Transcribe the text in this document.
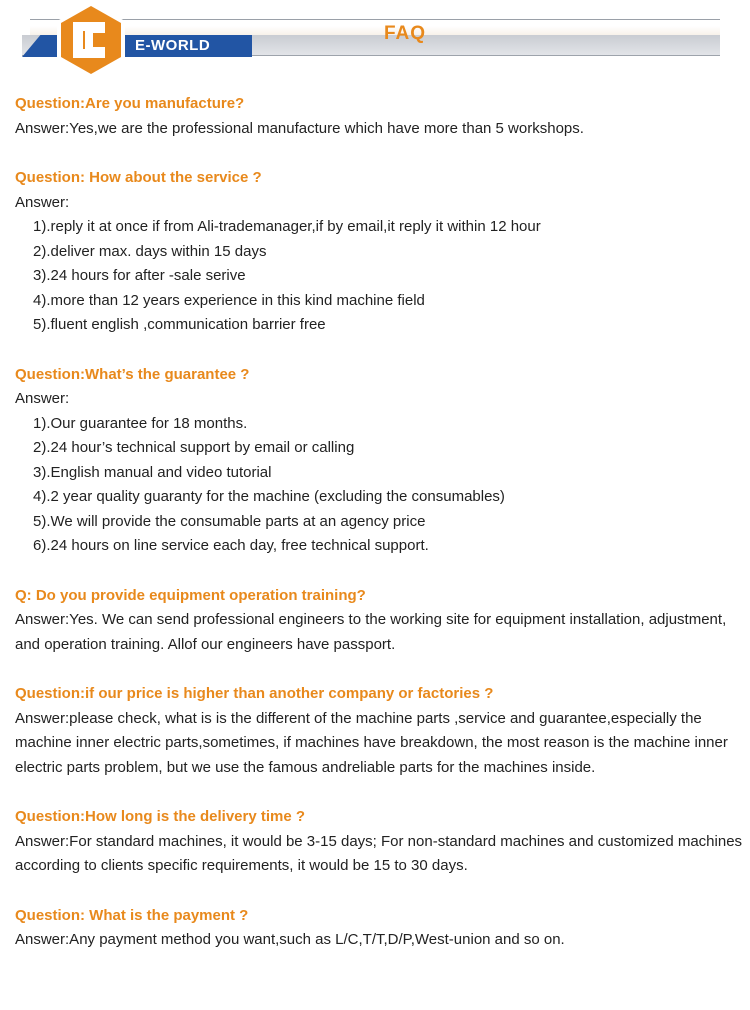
E-WORLD
FAQ
Question:Are you manufacture?
Answer:Yes,we are the professional manufacture which have more than 5 workshops.
Question: How about the service ?
Answer:
1).reply it at once if from Ali-trademanager,if by email,it reply it within 12 hour
2).deliver max. days within 15 days
3).24 hours for after -sale serive
4).more than 12 years experience in this kind machine field
5).fluent english ,communication barrier free
Question:What’s the guarantee ?
Answer:
1).Our guarantee for 18 months.
2).24 hour’s technical support by email or calling
3).English manual and video tutorial
4).2 year quality guaranty for the machine (excluding the consumables)
5).We will provide the consumable parts at an agency price
6).24 hours on line service each day, free technical support.
Q: Do you provide equipment operation training?
Answer:Yes. We can send professional engineers to the working site for equipment installation, adjustment, and operation training. Allof our engineers have passport.
Question:if our price is higher than another company or factories ?
Answer:please check, what is is the different of the machine parts ,service and guarantee,especially the machine inner electric parts,sometimes, if machines have breakdown, the most reason is the machine inner electric parts problem, but we use the famous andreliable parts for the machines inside.
Question:How long is the delivery time ?
Answer:For standard machines, it would be 3-15 days; For non-standard machines and customized machines according to clients specific requirements, it would be 15 to 30 days.
Question: What is the payment ?
Answer:Any payment method you want,such as L/C,T/T,D/P,West-union and so on.
